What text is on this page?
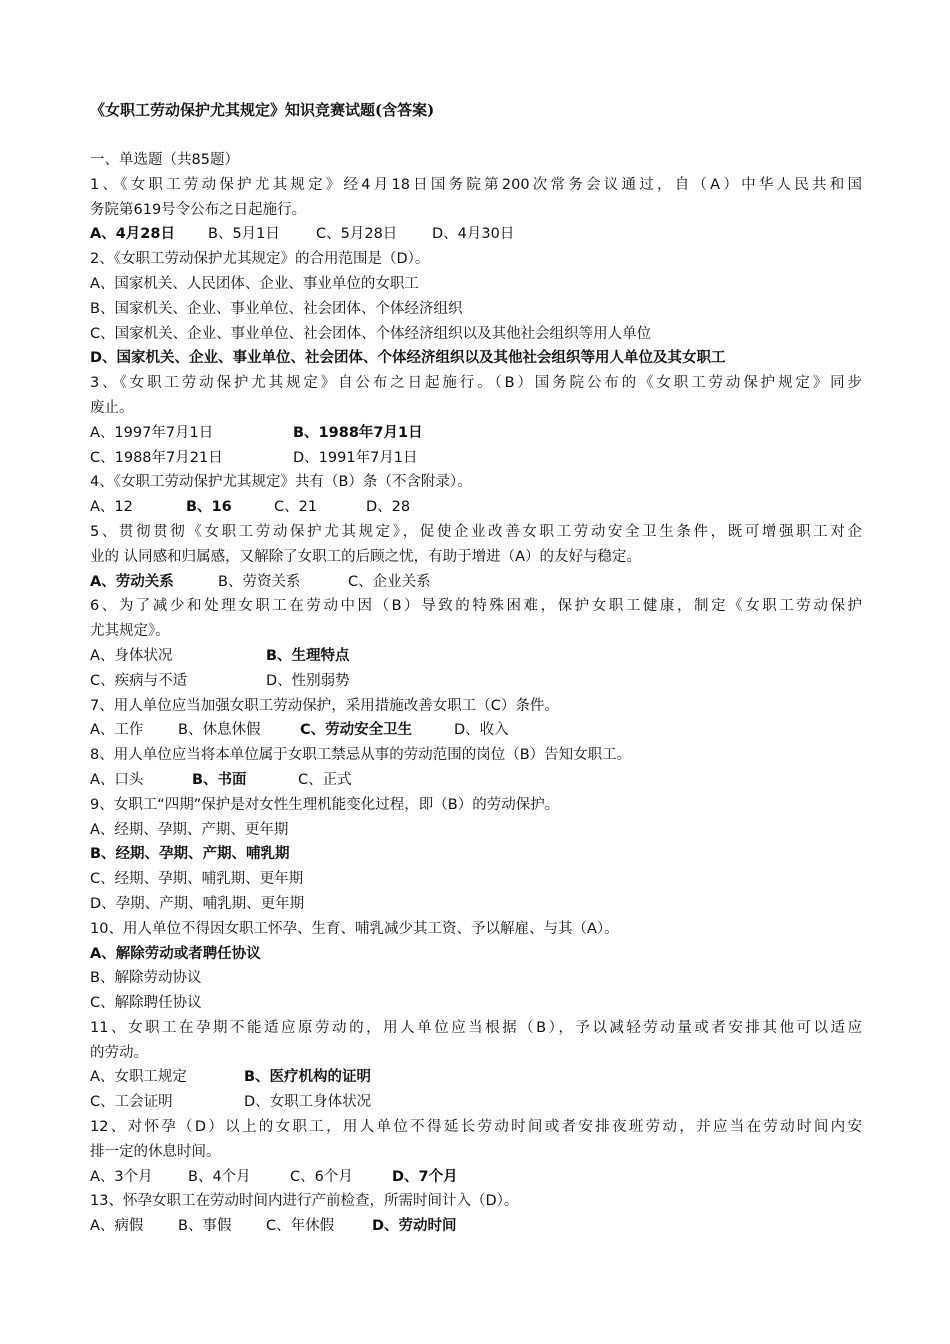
《女职工劳动保护尤其规定》知识竞赛试题(含答案)
一、单选题（共85题）
1、《女职工劳动保护尤其规定》经4月18日国务院第200次常务会议通过，自（A）中华人民共和国
务院第619号令公布之日起施行。
A、4月28日 B、5月1日 C、5月28日 D、4月30日
2、《女职工劳动保护尤其规定》的合用范围是（D）。
A、国家机关、人民团体、企业、事业单位的女职工
B、国家机关、企业、事业单位、社会团体、个体经济组织
C、国家机关、企业、事业单位、社会团体、个体经济组织以及其他社会组织等用人单位
D、国家机关、企业、事业单位、社会团体、个体经济组织以及其他社会组织等用人单位及其女职工
3、《女职工劳动保护尤其规定》自公布之日起施行。（B）国务院公布的《女职工劳动保护规定》同步
废止。
A、1997年7月1日	B、1988年7月1日
C、1988年7月21日	D、1991年7月1日
4、《女职工劳动保护尤其规定》共有（B）条（不含附录）。
A、12	B、16	C、21	D、28
5、贯彻贯彻《女职工劳动保护尤其规定》，促使企业改善女职工劳动安全卫生条件，既可增强职工对企
业的 认同感和归属感，又解除了女职工的后顾之忧，有助于增进（A）的友好与稳定。
A、劳动关系	B、劳资关系	C、企业关系
6、为了减少和处理女职工在劳动中因（B）导致的特殊困难，保护女职工健康，制定《女职工劳动保护
尤其规定》。
A、身体状况	B、生理特点
C、疾病与不适	D、性别弱势
7、用人单位应当加强女职工劳动保护，采用措施改善女职工（C）条件。
A、工作 B、休息休假	C、劳动安全卫生	D、收入
8、用人单位应当将本单位属于女职工禁忌从事的劳动范围的岗位（B）告知女职工。
A、口头	B、书面	C、正式
9、女职工“四期”保护是对女性生理机能变化过程，即（B）的劳动保护。
A、经期、孕期、产期、更年期
B、经期、孕期、产期、哺乳期
C、经期、孕期、哺乳期、更年期
D、孕期、产期、哺乳期、更年期
10、用人单位不得因女职工怀孕、生育、哺乳减少其工资、予以解雇、与其（A）。
A、解除劳动或者聘任协议
B、解除劳动协议
C、解除聘任协议
11、女职工在孕期不能适应原劳动的，用人单位应当根据（B），予以减轻劳动量或者安排其他可以适应
的劳动。
A、女职工规定	B、医疗机构的证明
C、工会证明	D、女职工身体状况
12、对怀孕（D）以上的女职工，用人单位不得延长劳动时间或者安排夜班劳动，并应当在劳动时间内安
排一定的休息时间。
A、3个月 B、4个月	C、6个月	D、7个月
13、怀孕女职工在劳动时间内进行产前检查，所需时间计入（D）。
A、病假 B、事假 C、年休假	D、劳动时间
